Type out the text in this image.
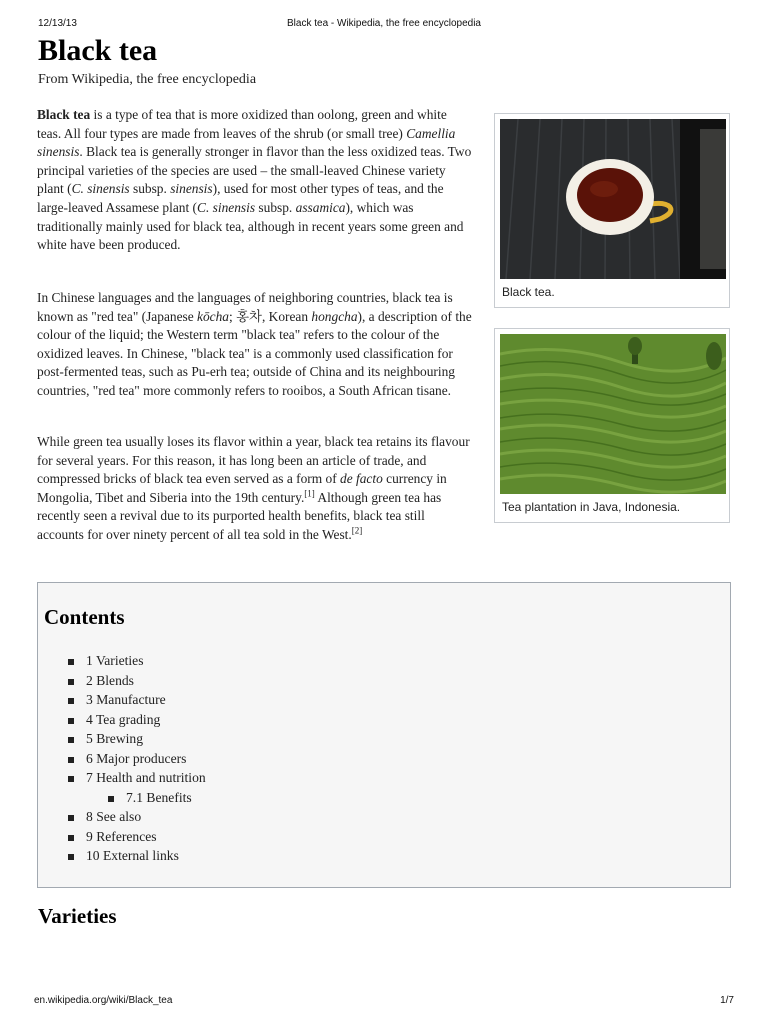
12/13/13	Black tea - Wikipedia, the free encyclopedia
Black tea
From Wikipedia, the free encyclopedia

Black tea is a type of tea that is more oxidized than oolong, green and white teas. All four types are made from leaves of the shrub (or small tree) Camellia sinensis. Black tea is generally stronger in flavor than the less oxidized teas. Two principal varieties of the species are used – the small-leaved Chinese variety plant (C. sinensis subsp. sinensis), used for most other types of teas, and the large-leaved Assamese plant (C. sinensis subsp. assamica), which was traditionally mainly used for black tea, although in recent years some green and white have been produced.

In Chinese languages and the languages of neighboring countries, black tea is known as "red tea" (Japanese kōcha; 홍차, Korean hongcha), a description of the colour of the liquid; the Western term "black tea" refers to the colour of the oxidized leaves. In Chinese, "black tea" is a commonly used classification for post-fermented teas, such as Pu-erh tea; outside of China and its neighbouring countries, "red tea" more commonly refers to rooibos, a South African tisane.

While green tea usually loses its flavor within a year, black tea retains its flavour for several years. For this reason, it has long been an article of trade, and compressed bricks of black tea even served as a form of de facto currency in Mongolia, Tibet and Siberia into the 19th century.[1] Although green tea has recently seen a revival due to its purported health benefits, black tea still accounts for over ninety percent of all tea sold in the West.[2]

Black tea.
Tea plantation in Java, Indonesia.
Contents
1 Varieties
2 Blends
3 Manufacture
4 Tea grading
5 Brewing
6 Major producers
7 Health and nutrition
7.1 Benefits
8 See also
9 References
10 External links
Varieties
en.wikipedia.org/wiki/Black_tea	1/7
